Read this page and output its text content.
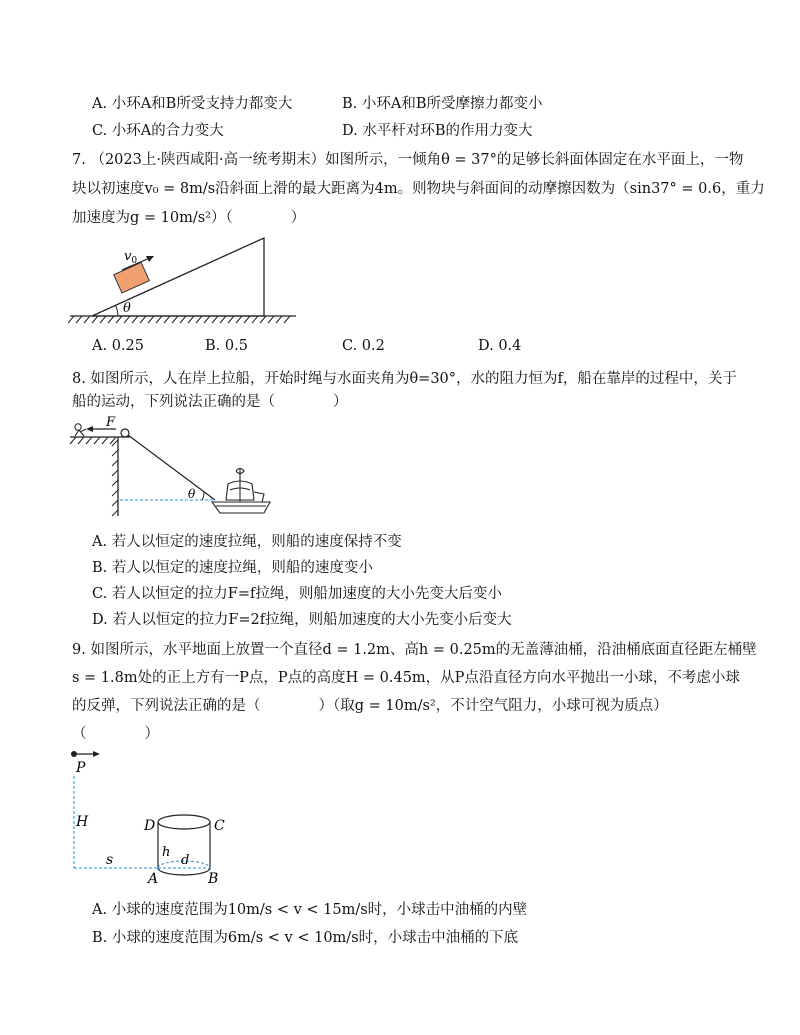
A. 小环A和B所受支持力都变大	B. 小环A和B所受摩擦力都变小
C. 小环A的合力变大	D. 水平杆对环B的作用力变大
7. （2023上·陕西咸阳·高一统考期末）如图所示，一倾角θ = 37°的足够长斜面体固定在水平面上，一物
块以初速度v₀ = 8m/s沿斜面上滑的最大距离为4m。则物块与斜面间的动摩擦因数为（sin37° = 0.6，重力
加速度为g = 10m/s²）（　　　　）
θ
$v_0$
A. 0.25	B. 0.5	C. 0.2	D. 0.4
8. 如图所示，人在岸上拉船，开始时绳与水面夹角为θ=30°，水的阻力恒为f，船在靠岸的过程中，关于
船的运动，下列说法正确的是（　　　　）
F
θ
A. 若人以恒定的速度拉绳，则船的速度保持不变
B. 若人以恒定的速度拉绳，则船的速度变小
C. 若人以恒定的拉力F=f拉绳，则船加速度的大小先变大后变小
D. 若人以恒定的拉力F=2f拉绳，则船加速度的大小先变小后变大
9. 如图所示，水平地面上放置一个直径d = 1.2m、高h = 0.25m的无盖薄油桶，沿油桶底面直径距左桶壁
s = 1.8m处的正上方有一P点，P点的高度H = 0.45m，从P点沿直径方向水平抛出一小球，不考虑小球
的反弹，下列说法正确的是（　　　　）（取g = 10m/s²，不计空气阻力，小球可视为质点）
（　　　　）
P
H
s	h
d
D	C
A	B
A. 小球的速度范围为10m/s < v < 15m/s时，小球击中油桶的内壁
B. 小球的速度范围为6m/s < v < 10m/s时，小球击中油桶的下底
